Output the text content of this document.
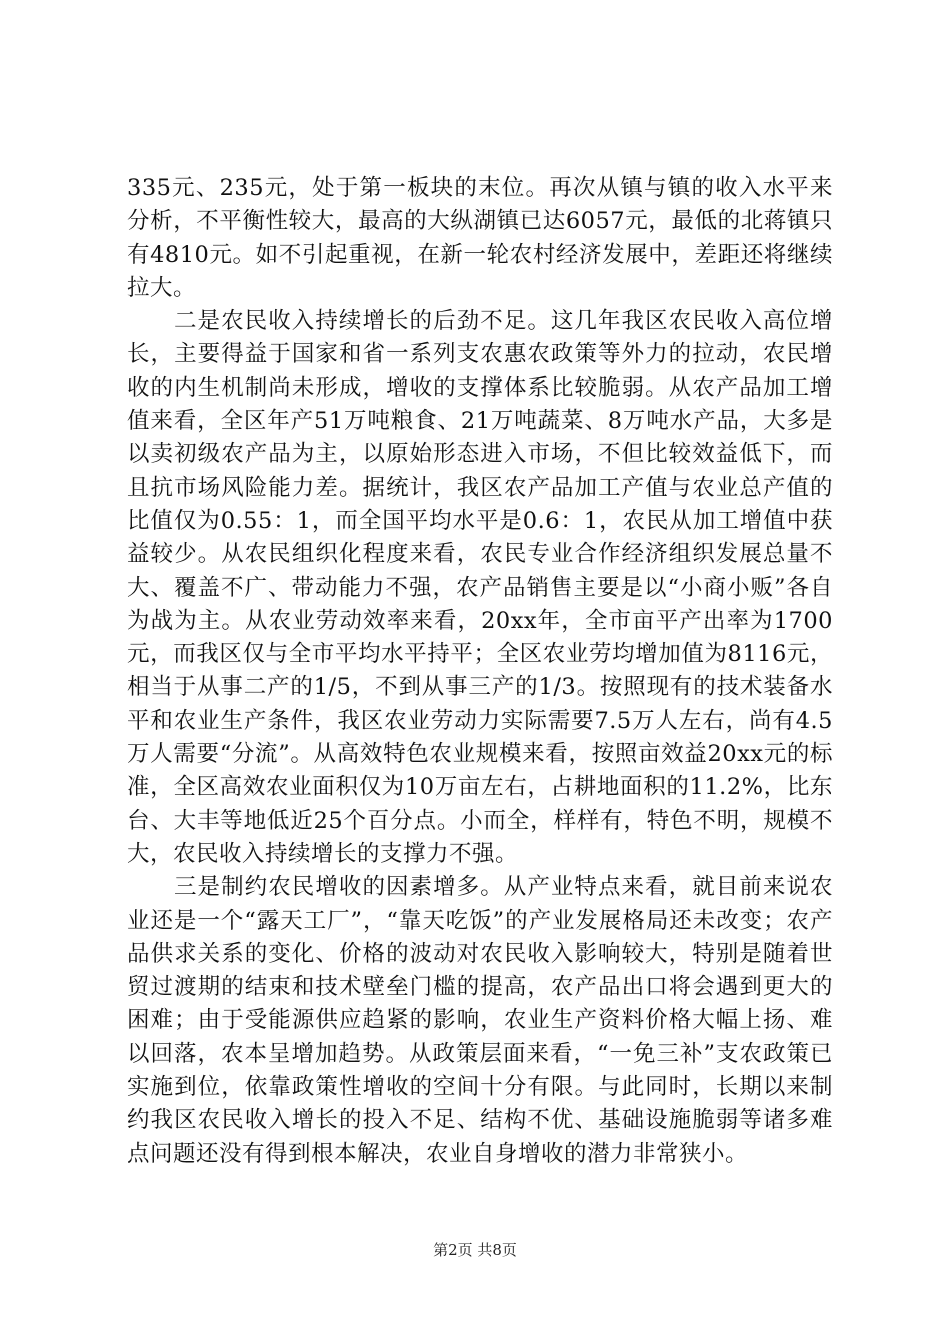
335元、235元，处于第一板块的末位。再次从镇与镇的收入水平来分析，不平衡性较大，最高的大纵湖镇已达6057元，最低的北蒋镇只有4810元。如不引起重视，在新一轮农村经济发展中，差距还将继续拉大。

二是农民收入持续增长的后劲不足。这几年我区农民收入高位增长，主要得益于国家和省一系列支农惠农政策等外力的拉动，农民增收的内生机制尚未形成，增收的支撑体系比较脆弱。从农产品加工增值来看，全区年产51万吨粮食、21万吨蔬菜、8万吨水产品，大多是以卖初级农产品为主，以原始形态进入市场，不但比较效益低下，而且抗市场风险能力差。据统计，我区农产品加工产值与农业总产值的比值仅为0.55：1，而全国平均水平是0.6：1，农民从加工增值中获益较少。从农民组织化程度来看，农民专业合作经济组织发展总量不大、覆盖不广、带动能力不强，农产品销售主要是以“小商小贩”各自为战为主。从农业劳动效率来看，20xx年，全市亩平产出率为1700元，而我区仅与全市平均水平持平；全区农业劳均增加值为8116元，相当于从事二产的1/5，不到从事三产的1/3。按照现有的技术装备水平和农业生产条件，我区农业劳动力实际需要7.5万人左右，尚有4.5万人需要“分流”。从高效特色农业规模来看，按照亩效益20xx元的标准，全区高效农业面积仅为10万亩左右，占耕地面积的11.2%，比东台、大丰等地低近25个百分点。小而全，样样有，特色不明，规模不大，农民收入持续增长的支撑力不强。

三是制约农民增收的因素增多。从产业特点来看，就目前来说农业还是一个“露天工厂”，“靠天吃饭”的产业发展格局还未改变；农产品供求关系的变化、价格的波动对农民收入影响较大，特别是随着世贸过渡期的结束和技术壁垒门槛的提高，农产品出口将会遇到更大的困难；由于受能源供应趋紧的影响，农业生产资料价格大幅上扬、难以回落，农本呈增加趋势。从政策层面来看，“一免三补”支农政策已实施到位，依靠政策性增收的空间十分有限。与此同时，长期以来制约我区农民收入增长的投入不足、结构不优、基础设施脆弱等诸多难点问题还没有得到根本解决，农业自身增收的潜力非常狭小。

第2页 共8页
